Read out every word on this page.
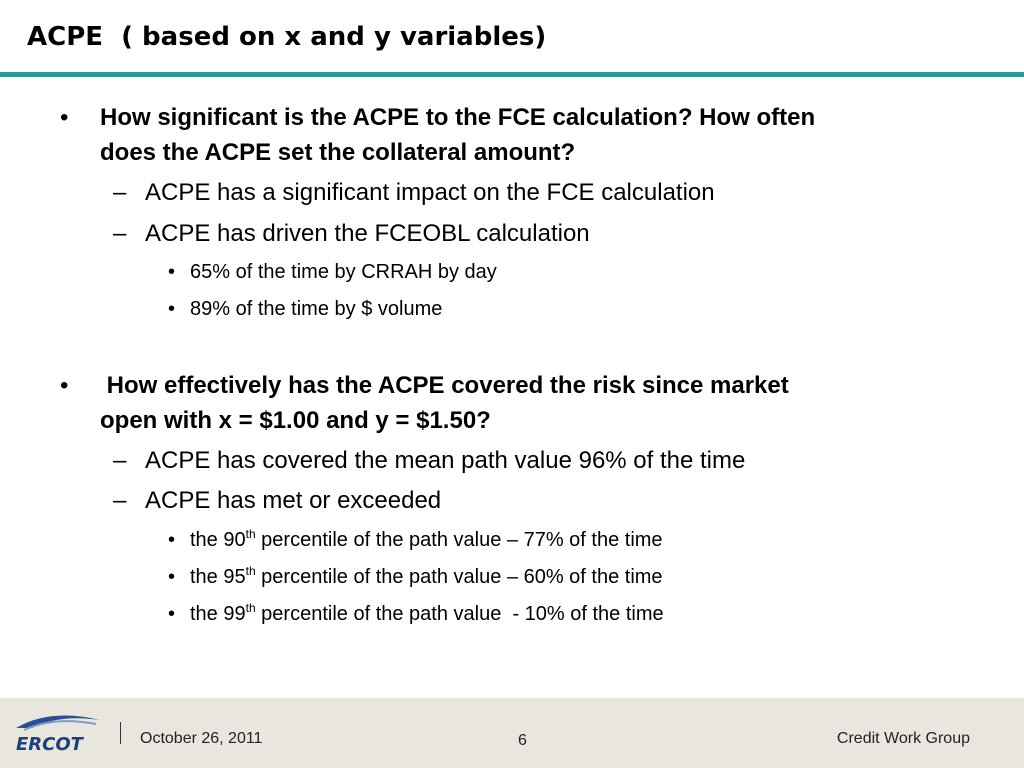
ACPE  ( based on x and y variables)
• How significant is the ACPE to the FCE calculation? How often
does the ACPE set the collateral amount?
– ACPE has a significant impact on the FCE calculation
– ACPE has driven the FCEOBL calculation
• 65% of the time by CRRAH by day
• 89% of the time by $ volume
• How effectively has the ACPE covered the risk since market
open with x = $1.00 and y = $1.50?
– ACPE has covered the mean path value 96% of the time
– ACPE has met or exceeded
• the 90th percentile of the path value – 77% of the time
• the 95th percentile of the path value – 60% of the time
• the 99th percentile of the path value  - 10% of the time
ERCOT	October 26, 2011	6	Credit Work Group
